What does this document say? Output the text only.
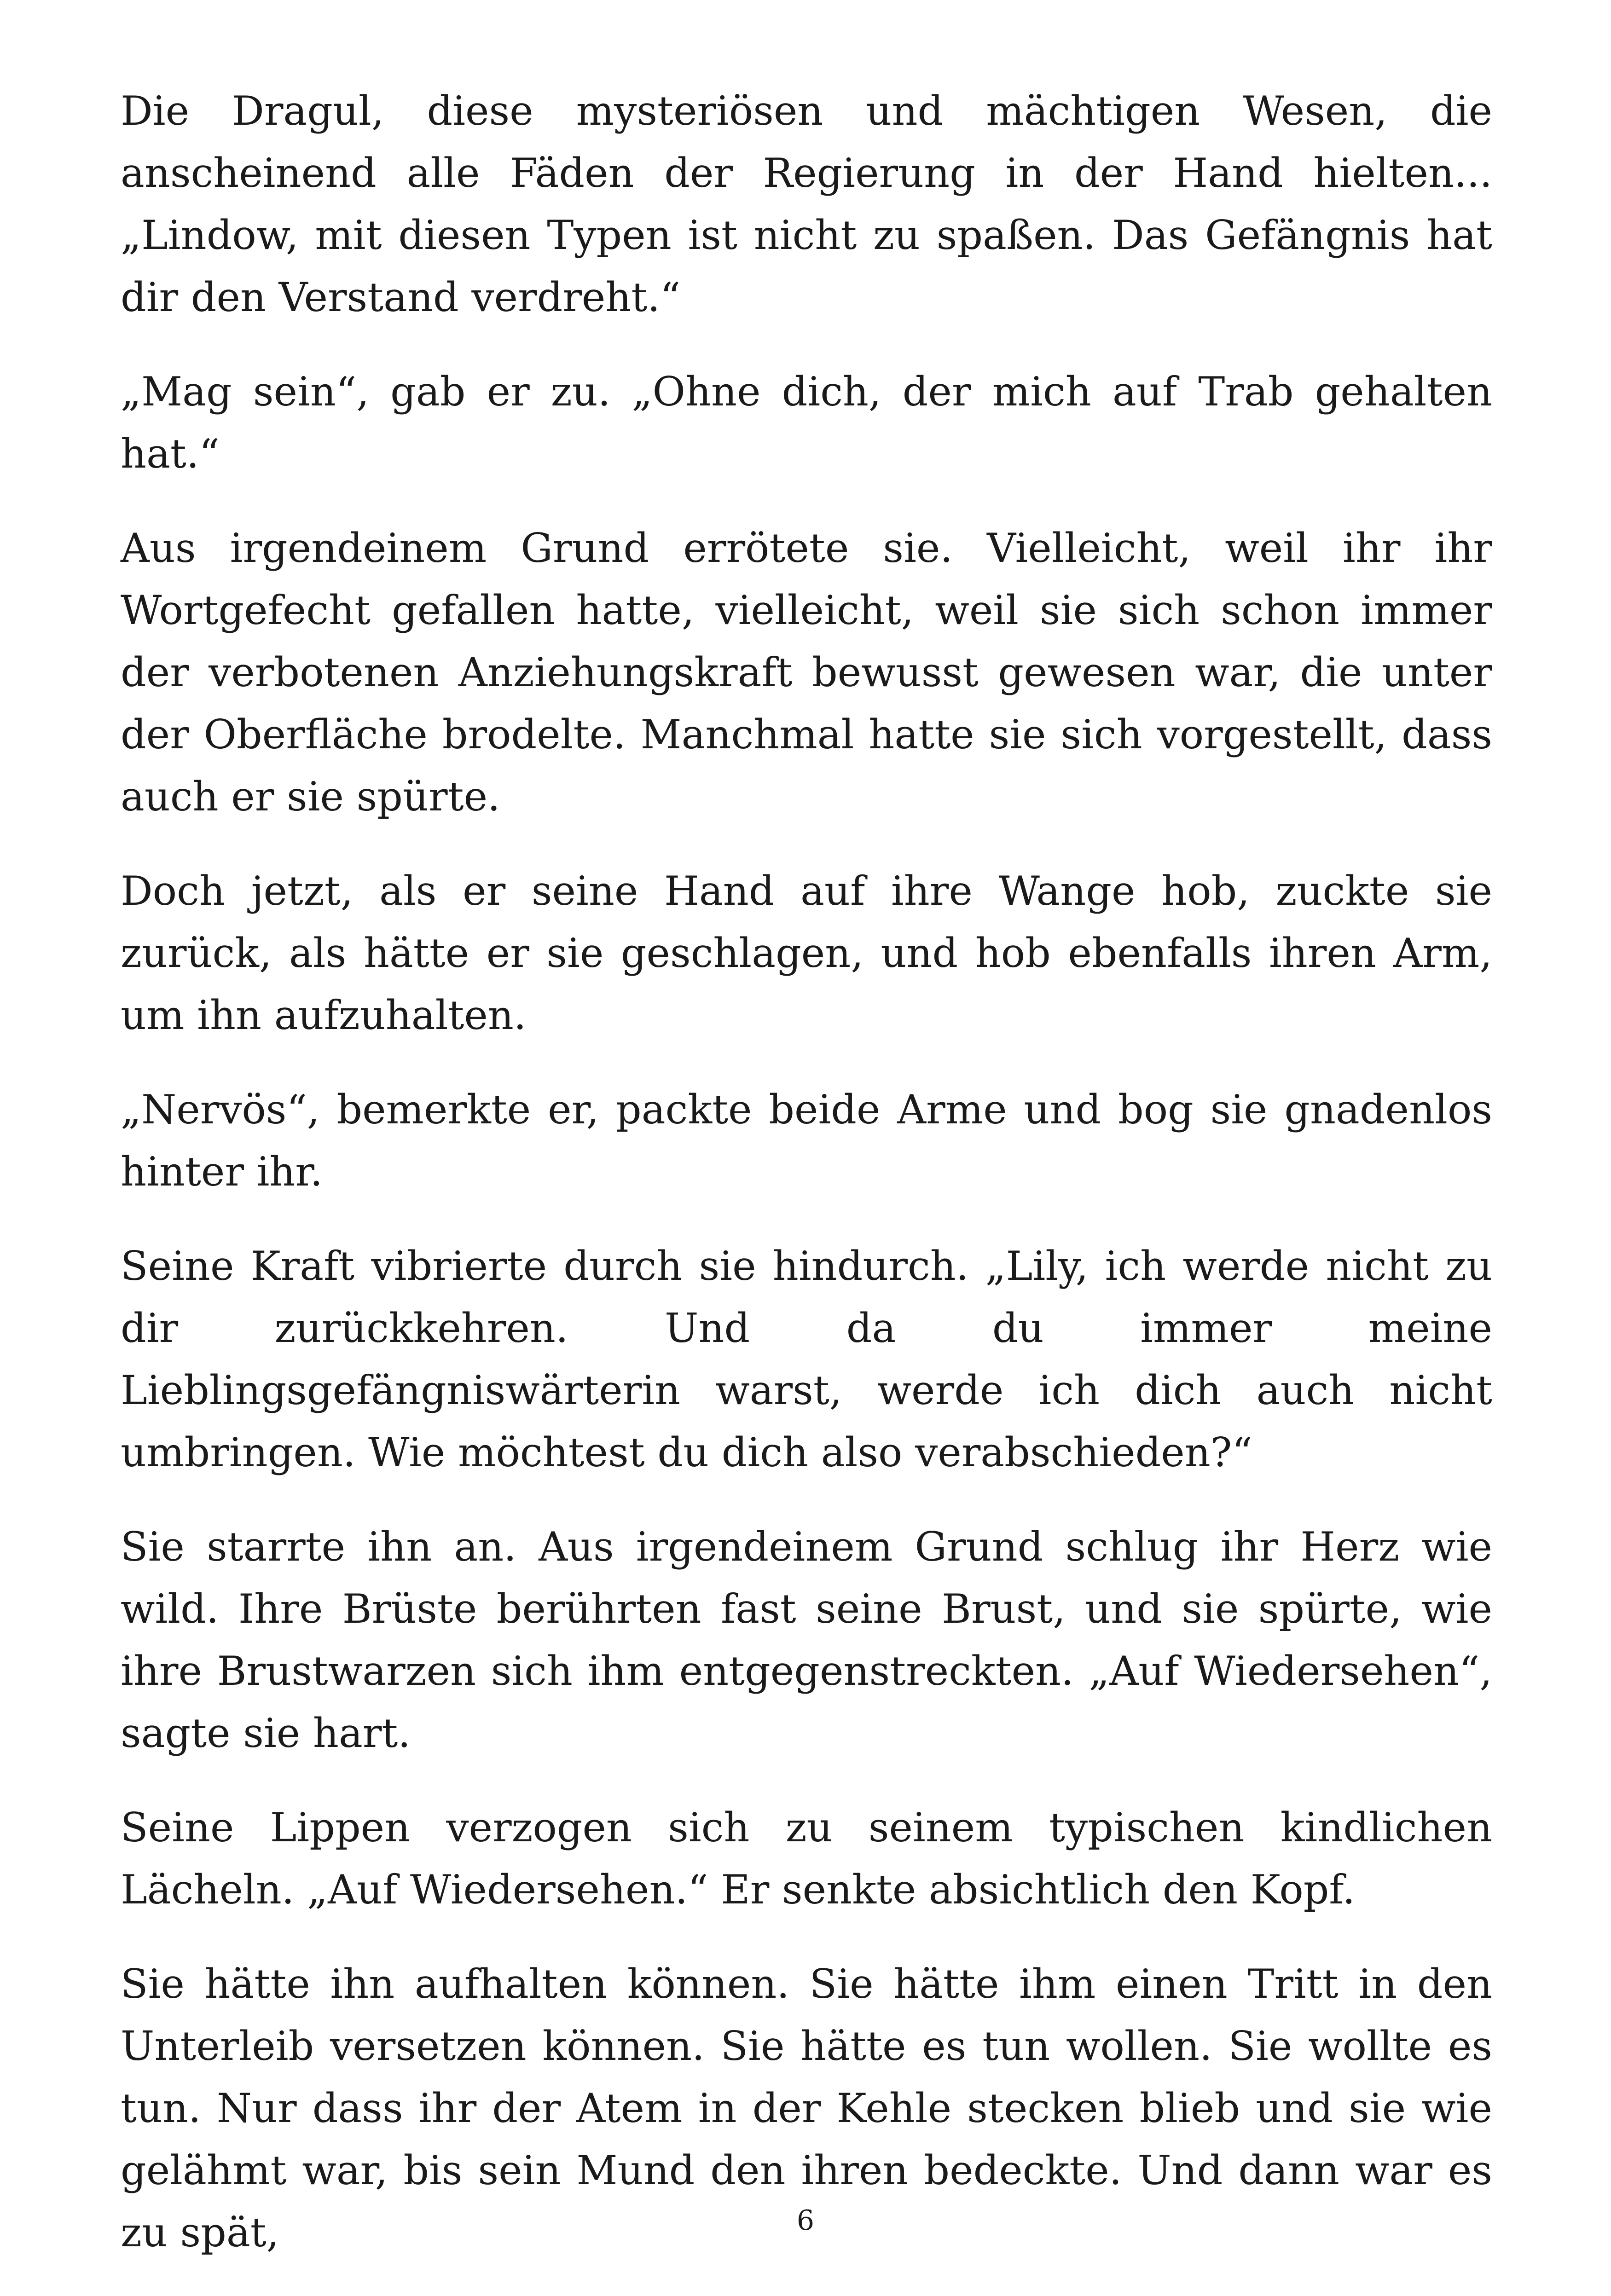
Die Dragul, diese mysteriösen und mächtigen Wesen, die anscheinend alle Fäden der Regierung in der Hand hielten... „Lindow, mit diesen Typen ist nicht zu spaßen. Das Gefängnis hat dir den Verstand verdreht.“

„Mag sein“, gab er zu. „Ohne dich, der mich auf Trab gehalten hat.“

Aus irgendeinem Grund errötete sie. Vielleicht, weil ihr ihr Wortgefecht gefallen hatte, vielleicht, weil sie sich schon immer der verbotenen Anziehungskraft bewusst gewesen war, die unter der Oberfläche brodelte. Manchmal hatte sie sich vorgestellt, dass auch er sie spürte.

Doch jetzt, als er seine Hand auf ihre Wange hob, zuckte sie zurück, als hätte er sie geschlagen, und hob ebenfalls ihren Arm, um ihn aufzuhalten.

„Nervös“, bemerkte er, packte beide Arme und bog sie gnadenlos hinter ihr.

Seine Kraft vibrierte durch sie hindurch. „Lily, ich werde nicht zu dir zurückkehren. Und da du immer meine Lieblingsgefängniswärterin warst, werde ich dich auch nicht umbringen. Wie möchtest du dich also verabschieden?“

Sie starrte ihn an. Aus irgendeinem Grund schlug ihr Herz wie wild. Ihre Brüste berührten fast seine Brust, und sie spürte, wie ihre Brustwarzen sich ihm entgegenstreckten. „Auf Wiedersehen“, sagte sie hart.

Seine Lippen verzogen sich zu seinem typischen kindlichen Lächeln. „Auf Wiedersehen.“ Er senkte absichtlich den Kopf.

Sie hätte ihn aufhalten können. Sie hätte ihm einen Tritt in den Unterleib versetzen können. Sie hätte es tun wollen. Sie wollte es tun. Nur dass ihr der Atem in der Kehle stecken blieb und sie wie gelähmt war, bis sein Mund den ihren bedeckte. Und dann war es zu spät,	6
